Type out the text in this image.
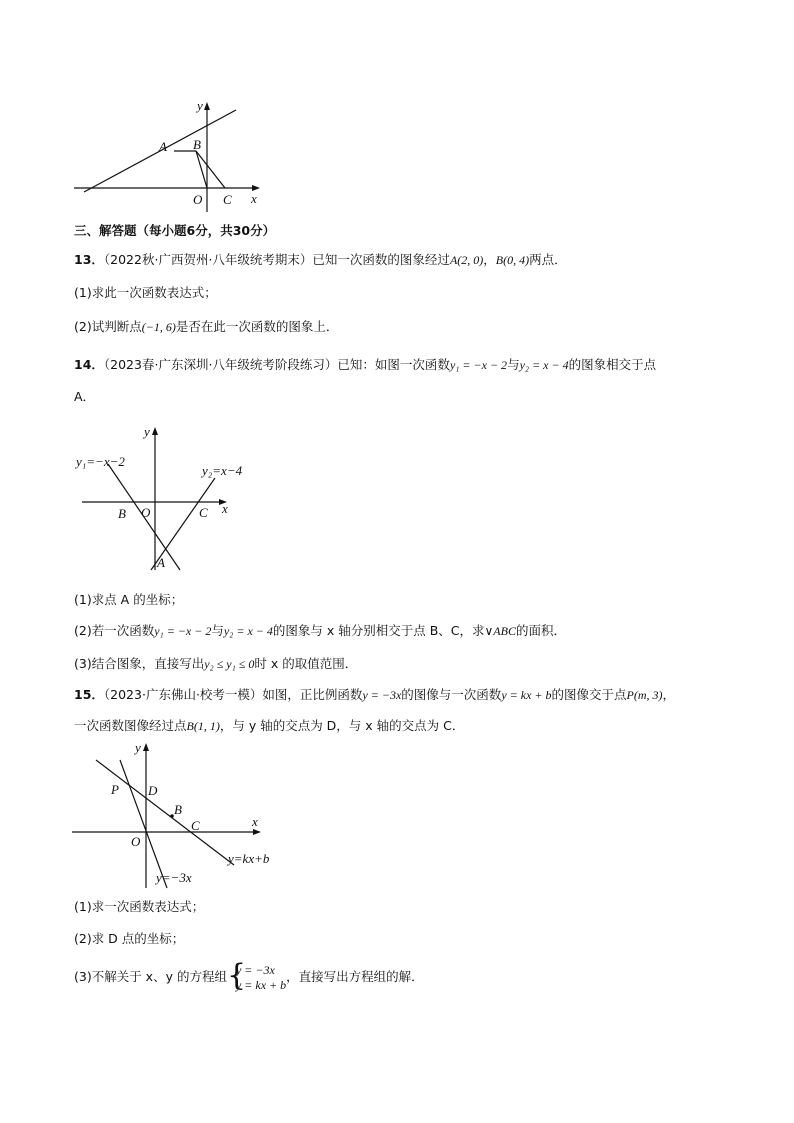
y
A B
O C x
三、解答题（每小题6分，共30分）
13．（2022秋·广西贺州·八年级统考期末）已知一次函数的图象经过A(2, 0)，B(0, 4)两点．
(1)求此一次函数表达式；
(2)试判断点(−1, 6)是否在此一次函数的图象上．
14．（2023春·广东深圳·八年级统考阶段练习）已知：如图一次函数y₁ = −x − 2与y₂ = x − 4的图象相交于点
A．
y
y₁=−x−2
y₂=x−4
B O	C x
A
(1)求点 A 的坐标；
(2)若一次函数y₁ = −x − 2与y₂ = x − 4的图象与 x 轴分别相交于点 B、C，求∨ABC的面积．
(3)结合图象，直接写出y₂ ≤ y₁ ≤ 0时 x 的取值范围．
15．（2023·广东佛山·校考一模）如图，正比例函数y = −3x的图像与一次函数y = kx + b的图像交于点P(m, 3)，
一次函数图像经过点B(1, 1)，与 y 轴的交点为 D，与 x 轴的交点为 C．
y
P D
B
C	x
O
y=kx+b
y=−3x
(1)求一次函数表达式；
(2)求 D 点的坐标；
(3)不解关于 x、y 的方程组 {
y = −3x
y = kx + b
，直接写出方程组的解．
